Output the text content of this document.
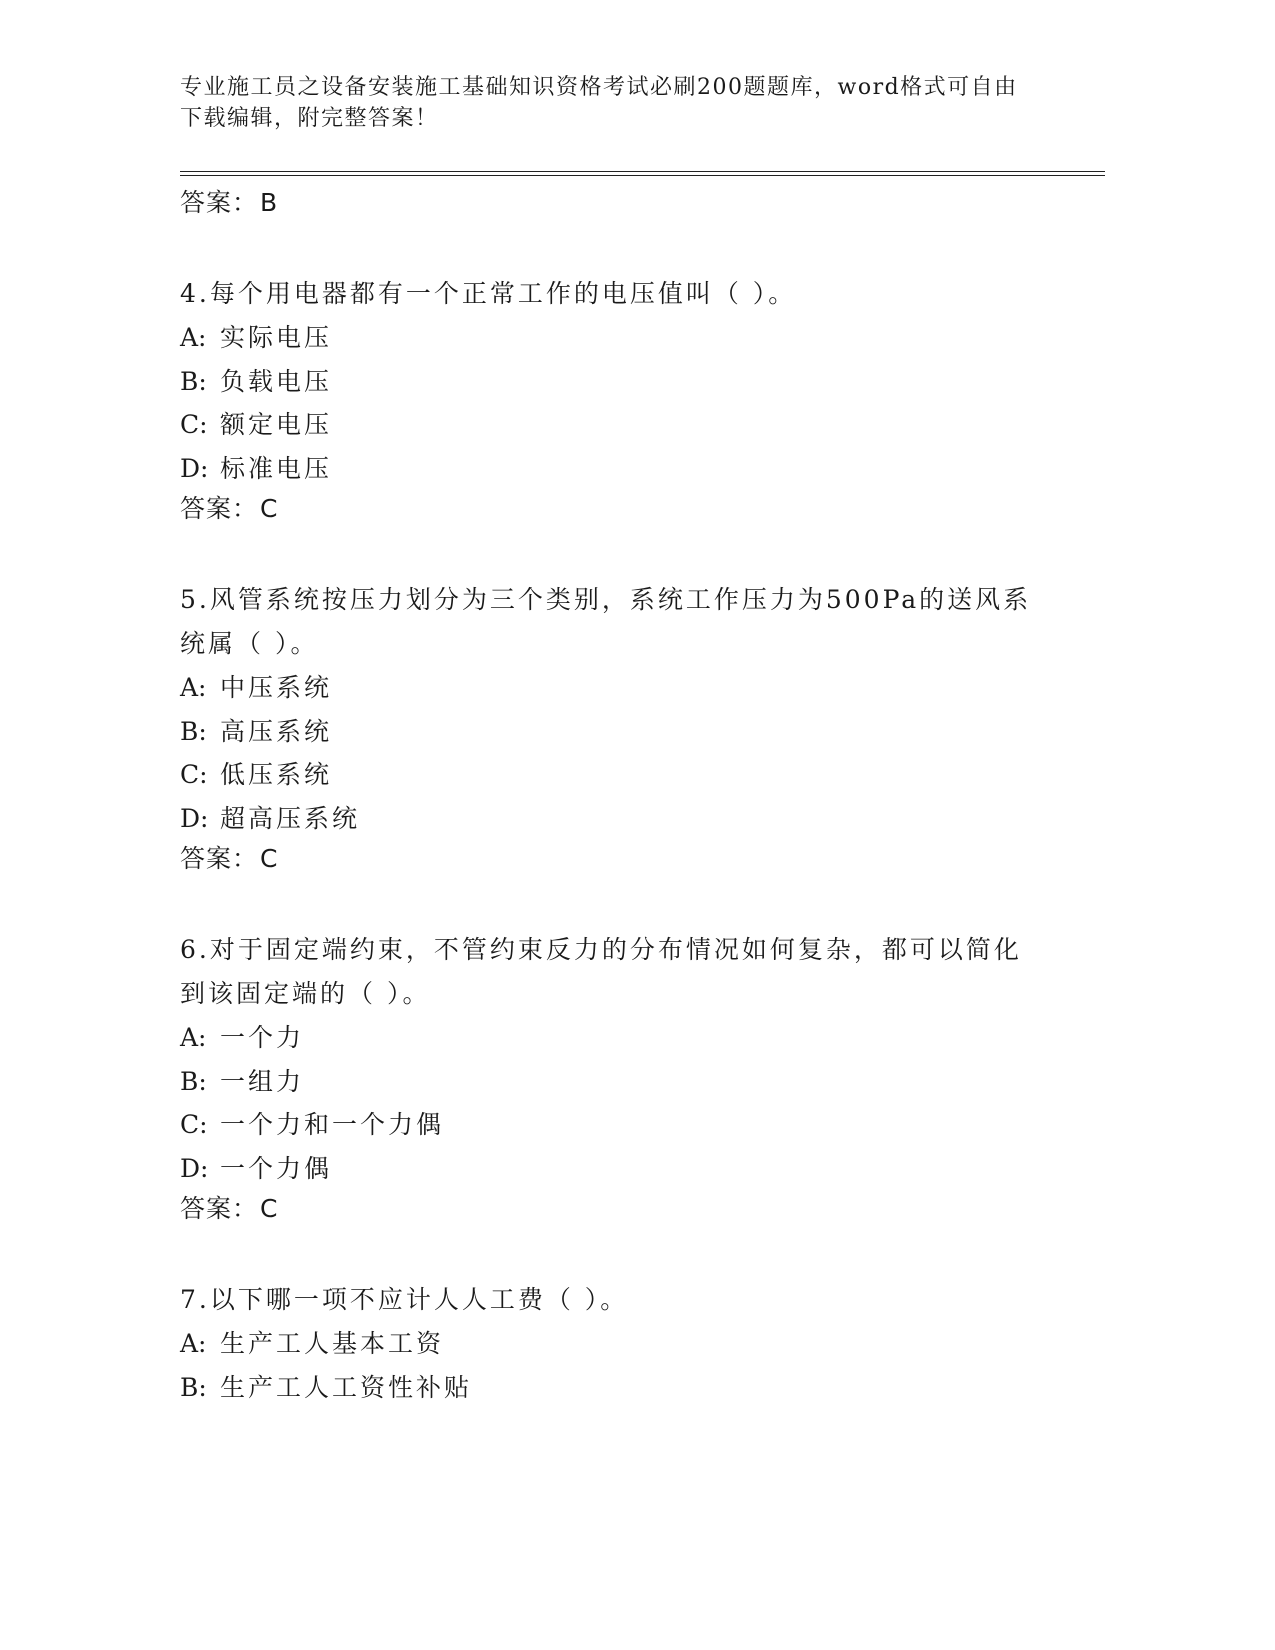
专业施工员之设备安装施工基础知识资格考试必刷200题题库，word格式可自由
下载编辑，附完整答案！
答案：B
4.每个用电器都有一个正常工作的电压值叫（ ）。
A: 实际电压
B: 负载电压
C: 额定电压
D: 标准电压
答案：C
5.风管系统按压力划分为三个类别，系统工作压力为500Pa的送风系
统属（ ）。
A: 中压系统
B: 高压系统
C: 低压系统
D: 超高压系统
答案：C
6.对于固定端约束，不管约束反力的分布情况如何复杂，都可以简化
到该固定端的（ ）。
A: 一个力
B: 一组力
C: 一个力和一个力偶
D: 一个力偶
答案：C
7.以下哪一项不应计人人工费（ ）。
A: 生产工人基本工资
B: 生产工人工资性补贴
